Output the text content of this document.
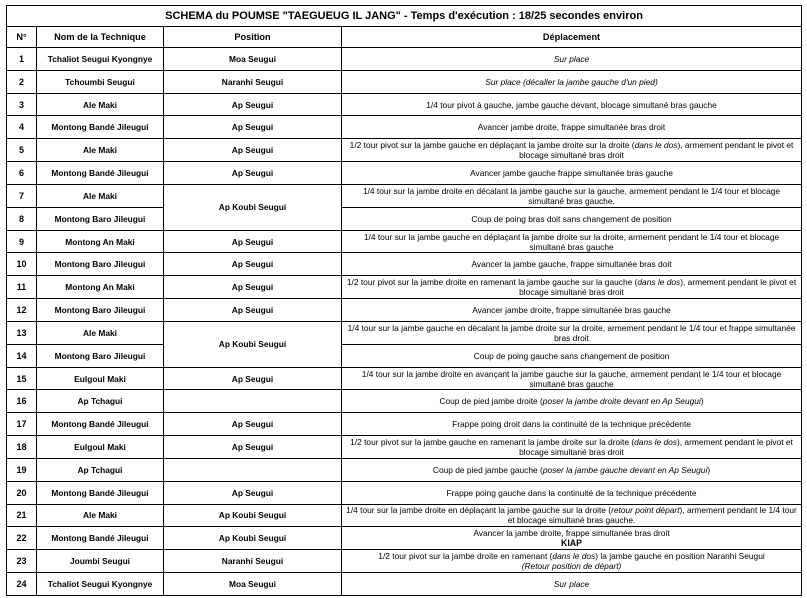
SCHEMA du POUMSE "TAEGUEUG IL JANG" - Temps d'exécution : 18/25 secondes environ			
N°	Nom de la Technique	Position	Déplacement
1	Tchaliot Seugui Kyongnye	Moa Seugui	Sur place

2	Tchoumbi Seugui	Naranhi Seugui	Sur place (décaller la jambe gauche d'un pied)

3	Ale Maki	Ap Seugui	1/4 tour pivot à gauche, jambe gauche devant, blocage simultané bras gauche

4	Montong Bandé Jileugui	Ap Seugui	Avancer jambe droite, frappe simultanée bras droit

5	Ale Maki	Ap Seugui	1/2 tour pivot sur la jambe gauche en déplaçant la jambe droite sur la droite (dans le dos), armement pendant le pivot et blocage simultané bras droit

6	Montong Bandé Jileugui	Ap Seugui	Avancer jambe gauche frappe simultanée bras gauche

7	Ale Maki	Ap Koubi Seugui	1/4 tour sur la jambe droite en décalant la jambe gauche sur la gauche, armement pendant le 1/4 tour et blocage simultané bras gauche.

8	Montong Baro Jileugui		Coup de poing bras doit sans changement de position

9	Montong An Maki	Ap Seugui	1/4 tour sur la jambe gauche en déplaçant la jambe droite sur la droite, armement pendant le 1/4 tour et blocage simultané bras gauche

10	Montong Baro Jileugui	Ap Seugui	Avancer la jambe gauche, frappe simultanée bras doit

11	Montong An Maki	Ap Seugui	1/2 tour pivot sur la jambe droite en ramenant la jambe gauche sur la gauche (dans le dos), armement pendant le pivot et blocage simultané bras droit

12	Montong Baro Jileugui	Ap Seugui	Avancer jambe droite, frappe simultanée bras gauche

13	Ale Maki	Ap Koubi Seugui	1/4 tour sur la jambe gauche en décalant la jambe droite sur la droite, armement pendant le 1/4 tour et frappe simultanée bras droit

14	Montong Baro Jileugui		Coup de poing gauche sans changement de position

15	Eulgoul Maki	Ap Seugui	1/4 tour sur la jambe droite en avançant la jambe gauche sur la gauche, armement pendant le 1/4 tour et blocage simultané bras gauche

16	Ap Tchagui		Coup de pied jambe droite (poser la jambe droite devant en Ap Seugui)

17	Montong Bandé Jileugui	Ap Seugui	Frappe poing droit dans la continuité de la technique précédente

18	Eulgoul Maki	Ap Seugui	1/2 tour pivot sur la jambe gauche en ramenant la jambe droite sur la droite (dans le dos), armement pendant le pivot et blocage simultané bras droit

19	Ap Tchagui		Coup de pied jambe gauche (poser la jambe gauche devant en Ap Seugui)

20	Montong Bandé Jileugui	Ap Seugui	Frappe poing gauche dans la continuité de la technique précédente

21	Ale Maki	Ap Koubi Seugui	1/4 tour sur la jambe droite en déplaçant la jambe gauche sur la droite (retour point départ), armement pendant le 1/4 tour et blocage simultané bras gauche.

22	Montong Bandé Jileugui	Ap Koubi Seugui	Avancer la jambe droite, frappe simultanée bras droit
KIAP

23	Joumbi Seugui	Naranhi Seugui	1/2 tour pivot sur la jambe droite en ramenant (dans le dos) la jambe gauche en position Naranhi Seugui
(Retour position de départ)

24	Tchaliot Seugui Kyongnye	Moa Seugui	Sur place
